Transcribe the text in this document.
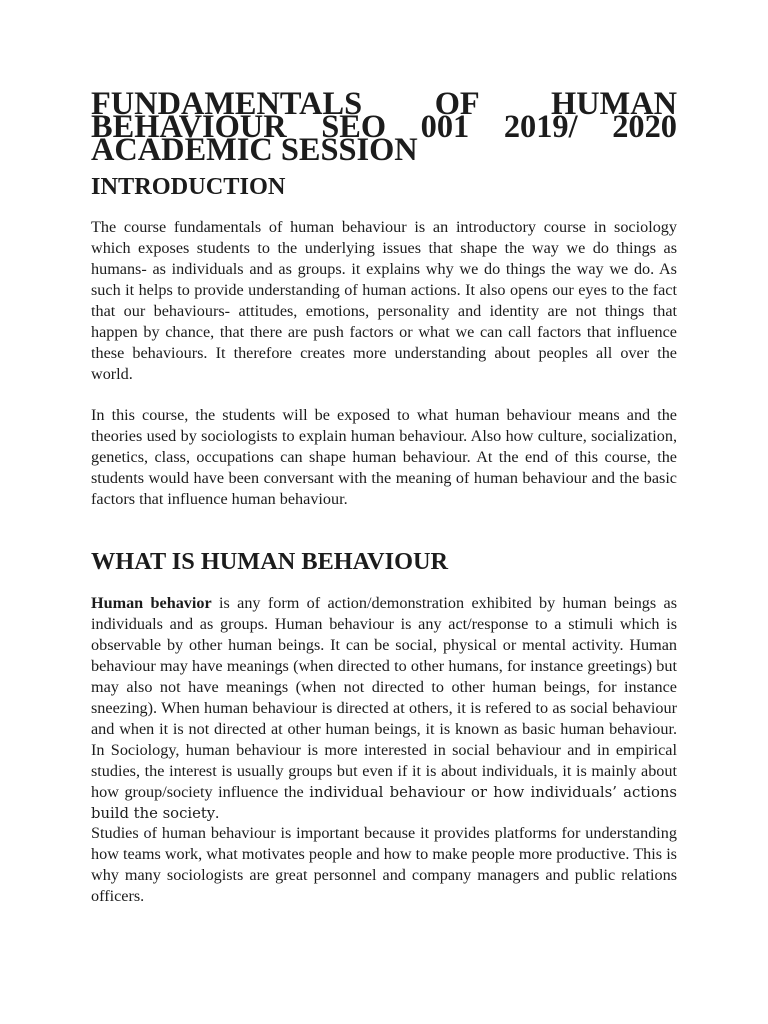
FUNDAMENTALS OF HUMAN BEHAVIOUR SEO 001 2019/ 2020 ACADEMIC SESSION
INTRODUCTION

The course fundamentals of human behaviour is an introductory course in sociology which exposes students to the underlying issues that shape the way we do things as humans- as individuals and as groups. it explains why we do things the way we do. As such it helps to provide understanding of human actions. It also opens our eyes to the fact that our behaviours- attitudes, emotions, personality and identity are not things that happen by chance, that there are push factors or what we can call factors that influence these behaviours. It therefore creates more understanding about peoples all over the world.

In this course, the students will be exposed to what human behaviour means and the theories used by sociologists to explain human behaviour. Also how culture, socialization, genetics, class, occupations can shape human behaviour. At the end of this course, the students would have been conversant with the meaning of human behaviour and the basic factors that influence human behaviour.

WHAT IS HUMAN BEHAVIOUR

Human behavior is any form of action/demonstration exhibited by human beings as individuals and as groups. Human behaviour is any act/response to a stimuli which is observable by other human beings. It can be social, physical or mental activity. Human behaviour may have meanings (when directed to other humans, for instance greetings) but may also not have meanings (when not directed to other human beings, for instance sneezing). When human behaviour is directed at others, it is refered to as social behaviour and when it is not directed at other human beings, it is known as basic human behaviour. In Sociology, human behaviour is more interested in social behaviour and in empirical studies, the interest is usually groups but even if it is about individuals, it is mainly about how group/society influence the individual behaviour or how individuals’ actions build the society.

Studies of human behaviour is important because it provides platforms for understanding how teams work, what motivates people and how to make people more productive. This is why many sociologists are great personnel and company managers and public relations officers.
